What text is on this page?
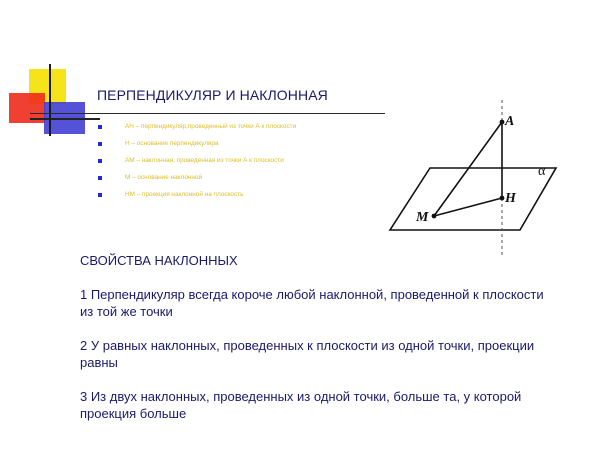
ПЕРПЕНДИКУЛЯР И НАКЛОННАЯ
АН – перпендикуляр,проведенный из точки А к плоскости
Н – основание перпендикуляра
АМ – наклонная, проведенная из точки А к плоскости
М – основание наклонной
НМ – проекция наклонной на плоскость
A
H
M
α
СВОЙСТВА НАКЛОННЫХ
1 Перпендикуляр всегда короче любой наклонной, проведенной к плоскости из той же точки
2 У равных наклонных, проведенных к плоскости из одной точки, проекции равны
3 Из двух наклонных, проведенных из одной точки, больше та, у которой проекция больше
